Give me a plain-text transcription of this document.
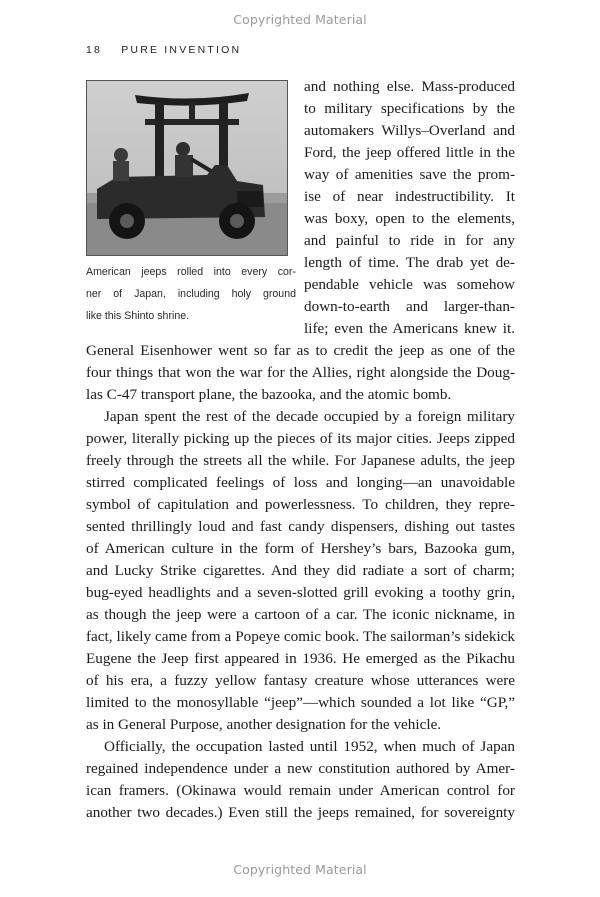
Copyrighted Material
18 PURE INVENTION
American jeeps rolled into every cor-
ner of Japan, including holy ground
like this Shinto shrine.
and nothing else. Mass-produced
to military specifications by the
automakers Willys–Overland and
Ford, the jeep offered little in the
way of amenities save the prom-
ise of near indestructibility. It
was boxy, open to the elements,
and painful to ride in for any
length of time. The drab yet de-
pendable vehicle was somehow
down-to-earth and larger-than-
life; even the Americans knew it.
General Eisenhower went so far as to credit the jeep as one of the
four things that won the war for the Allies, right alongside the Doug-
las C-47 transport plane, the bazooka, and the atomic bomb.
Japan spent the rest of the decade occupied by a foreign military
power, literally picking up the pieces of its major cities. Jeeps zipped
freely through the streets all the while. For Japanese adults, the jeep
stirred complicated feelings of loss and longing—an unavoidable
symbol of capitulation and powerlessness. To children, they repre-
sented thrillingly loud and fast candy dispensers, dishing out tastes
of American culture in the form of Hershey’s bars, Bazooka gum,
and Lucky Strike cigarettes. And they did radiate a sort of charm;
bug-eyed headlights and a seven-slotted grill evoking a toothy grin,
as though the jeep were a cartoon of a car. The iconic nickname, in
fact, likely came from a Popeye comic book. The sailorman’s sidekick
Eugene the Jeep first appeared in 1936. He emerged as the Pikachu
of his era, a fuzzy yellow fantasy creature whose utterances were
limited to the monosyllable “jeep”—which sounded a lot like “GP,”
as in General Purpose, another designation for the vehicle.
Officially, the occupation lasted until 1952, when much of Japan
regained independence under a new constitution authored by Amer-
ican framers. (Okinawa would remain under American control for
another two decades.) Even still the jeeps remained, for sovereignty
Copyrighted Material
